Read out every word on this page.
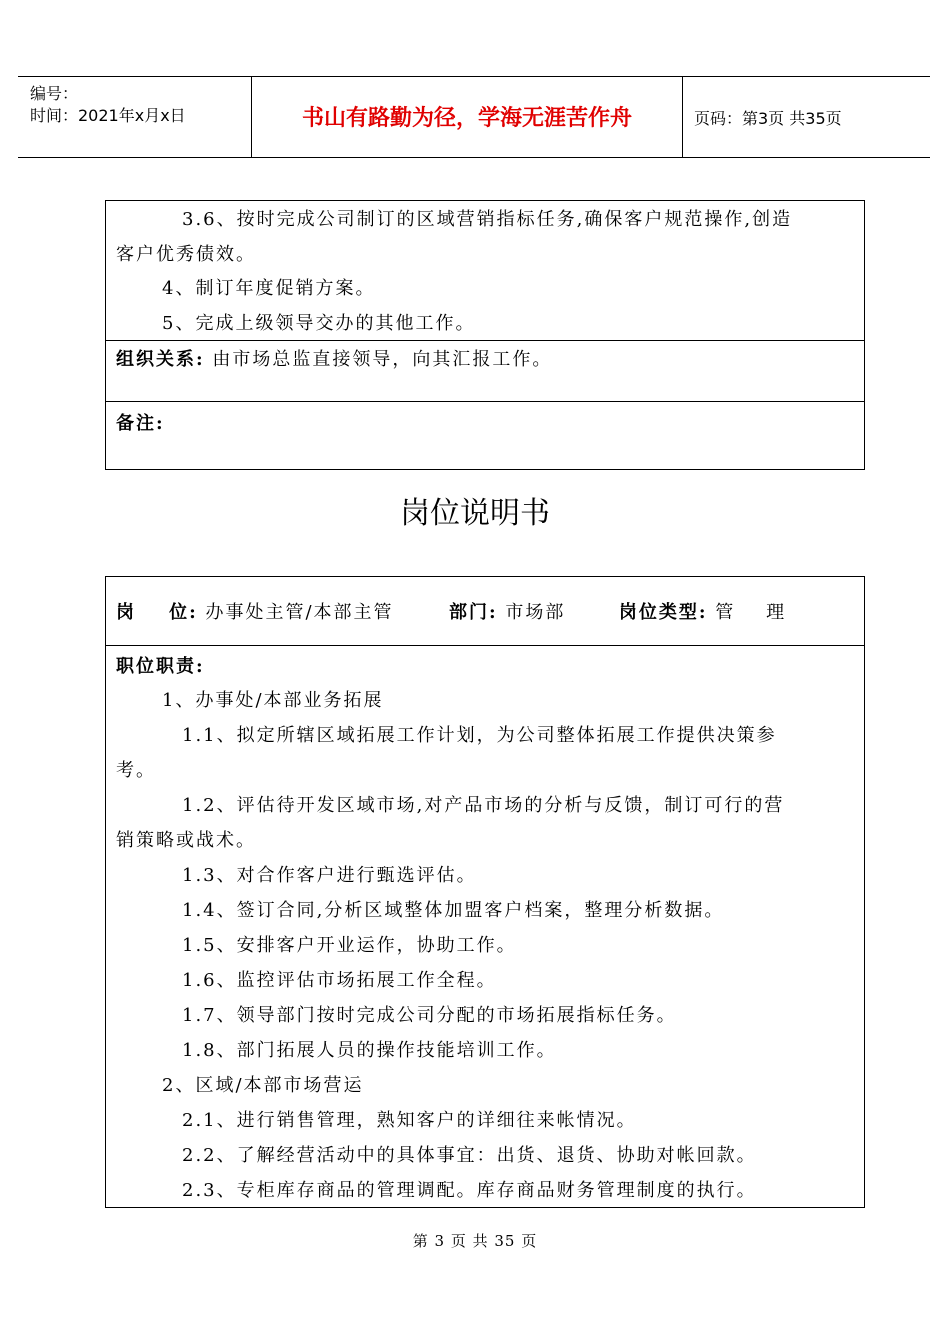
编号：
时间：2021年x月x日	书山有路勤为径，学海无涯苦作舟	页码：第3页 共35页
3.6、按时完成公司制订的区域营销指标任务,确保客户规范操作,创造
客户优秀债效。
4、制订年度促销方案。
5、完成上级领导交办的其他工作。
组织关系: 由市场总监直接领导，向其汇报工作。
备注:
岗位说明书
岗    位: 办事处主管/本部主管	部门: 市场部	岗位类型: 管    理
职位职责:
1、办事处/本部业务拓展
1.1、拟定所辖区域拓展工作计划，为公司整体拓展工作提供决策参
考。
1.2、评估待开发区域市场,对产品市场的分析与反馈，制订可行的营
销策略或战术。
1.3、对合作客户进行甄选评估。
1.4、签订合同,分析区域整体加盟客户档案，整理分析数据。
1.5、安排客户开业运作，协助工作。
1.6、监控评估市场拓展工作全程。
1.7、领导部门按时完成公司分配的市场拓展指标任务。
1.8、部门拓展人员的操作技能培训工作。
2、区域/本部市场营运
2.1、进行销售管理，熟知客户的详细往来帐情况。
2.2、了解经营活动中的具体事宜：出货、退货、协助对帐回款。
2.3、专柜库存商品的管理调配。库存商品财务管理制度的执行。
第 3 页 共 35 页
